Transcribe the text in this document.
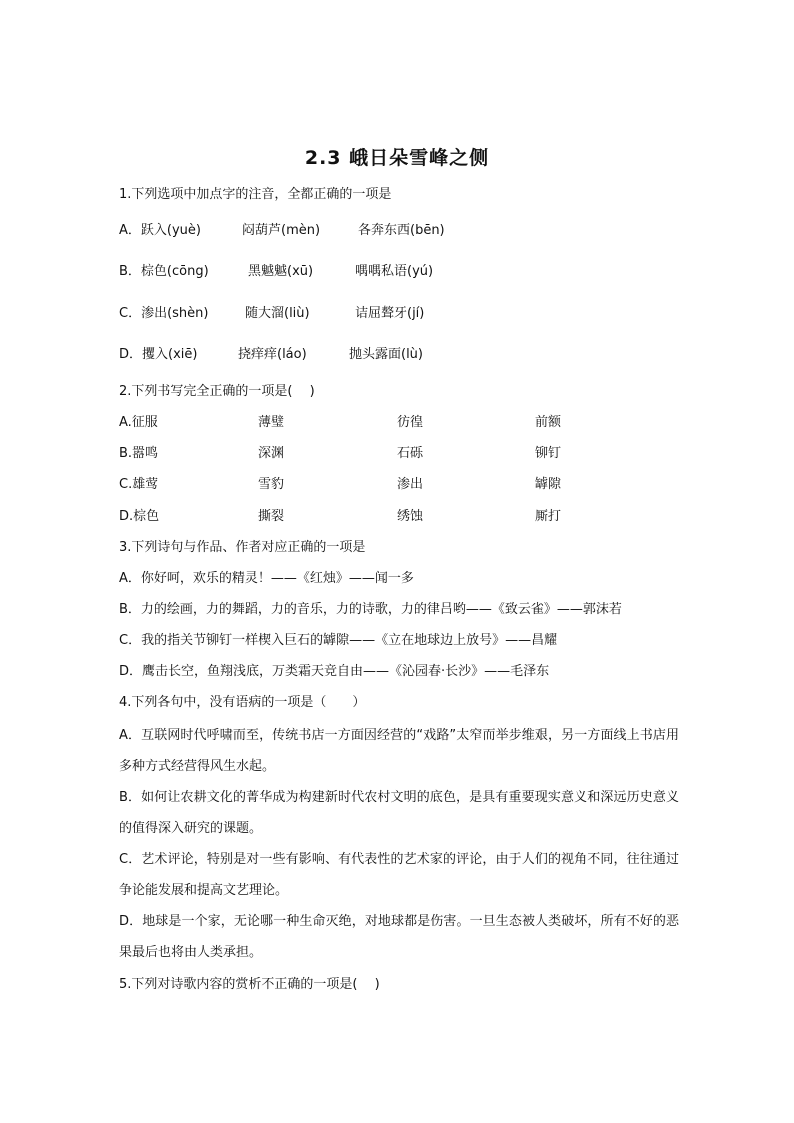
2.3 峨日朵雪峰之侧
1.下列选项中加点字的注音，全都正确的一项是
A．跃入(yuè)	闷葫芦(mèn)	各奔东西(bēn)
B．棕色(cōng)	黑魆魆(xū)	喁喁私语(yú)
C．渗出(shèn)	随大溜(liù)	诘屈聱牙(jí)
D．攫入(xiē)	挠痒痒(láo)	抛头露面(lù)
2.下列书写完全正确的一项是(　 )
A.征服	薄璧	彷徨	前额
B.嚣鸣	深渊	石砾	铆钉
C.雄莺	雪豹	渗出	罅隙
D.棕色	撕裂	绣蚀	厮打
3.下列诗句与作品、作者对应正确的一项是
A．你好呵，欢乐的精灵！——《红烛》——闻一多
B．力的绘画，力的舞蹈，力的音乐，力的诗歌，力的律吕哟——《致云雀》——郭沫若
C．我的指关节铆钉一样楔入巨石的罅隙——《立在地球边上放号》——昌耀
D．鹰击长空，鱼翔浅底，万类霜天竞自由——《沁园春·长沙》——毛泽东
4.下列各句中，没有语病的一项是（　　）
A．互联网时代呼啸而至，传统书店一方面因经营的“戏路”太窄而举步维艰，另一方面线上书店用多种方式经营得风生水起。
B．如何让农耕文化的菁华成为构建新时代农村文明的底色，是具有重要现实意义和深远历史意义的值得深入研究的课题。
C．艺术评论，特别是对一些有影响、有代表性的艺术家的评论，由于人们的视角不同，往往通过争论能发展和提高文艺理论。
D．地球是一个家，无论哪一种生命灭绝，对地球都是伤害。一旦生态被人类破坏，所有不好的恶果最后也将由人类承担。
5.下列对诗歌内容的赏析不正确的一项是(　 )
